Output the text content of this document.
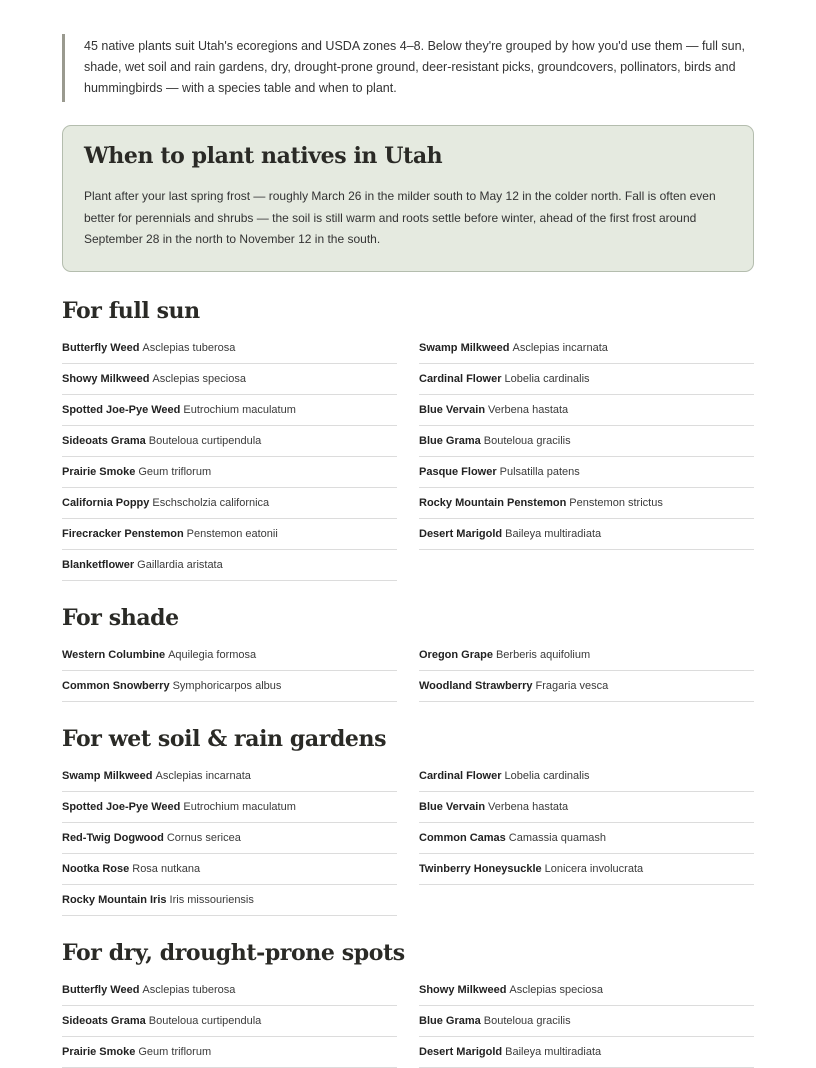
45 native plants suit Utah's ecoregions and USDA zones 4–8. Below they're grouped by how you'd use them — full sun, shade, wet soil and rain gardens, dry, drought-prone ground, deer-resistant picks, groundcovers, pollinators, birds and hummingbirds — with a species table and when to plant.
When to plant natives in Utah

Plant after your last spring frost — roughly March 26 in the milder south to May 12 in the colder north. Fall is often even better for perennials and shrubs — the soil is still warm and roots settle before winter, ahead of the first frost around September 28 in the north to November 12 in the south.

For full sun
Butterfly Weed Asclepias tuberosa	Swamp Milkweed Asclepias incarnata
Showy Milkweed Asclepias speciosa	Cardinal Flower Lobelia cardinalis
Spotted Joe-Pye Weed Eutrochium maculatum	Blue Vervain Verbena hastata
Sideoats Grama Bouteloua curtipendula	Blue Grama Bouteloua gracilis
Prairie Smoke Geum triflorum	Pasque Flower Pulsatilla patens
California Poppy Eschscholzia californica	Rocky Mountain Penstemon Penstemon strictus
Firecracker Penstemon Penstemon eatonii	Desert Marigold Baileya multiradiata
Blanketflower Gaillardia aristata
For shade
Western Columbine Aquilegia formosa	Oregon Grape Berberis aquifolium
Common Snowberry Symphoricarpos albus	Woodland Strawberry Fragaria vesca
For wet soil & rain gardens
Swamp Milkweed Asclepias incarnata	Cardinal Flower Lobelia cardinalis
Spotted Joe-Pye Weed Eutrochium maculatum	Blue Vervain Verbena hastata
Red-Twig Dogwood Cornus sericea	Common Camas Camassia quamash
Nootka Rose Rosa nutkana	Twinberry Honeysuckle Lonicera involucrata
Rocky Mountain Iris Iris missouriensis
For dry, drought-prone spots
Butterfly Weed Asclepias tuberosa	Showy Milkweed Asclepias speciosa
Sideoats Grama Bouteloua curtipendula	Blue Grama Bouteloua gracilis
Prairie Smoke Geum triflorum	Desert Marigold Baileya multiradiata
